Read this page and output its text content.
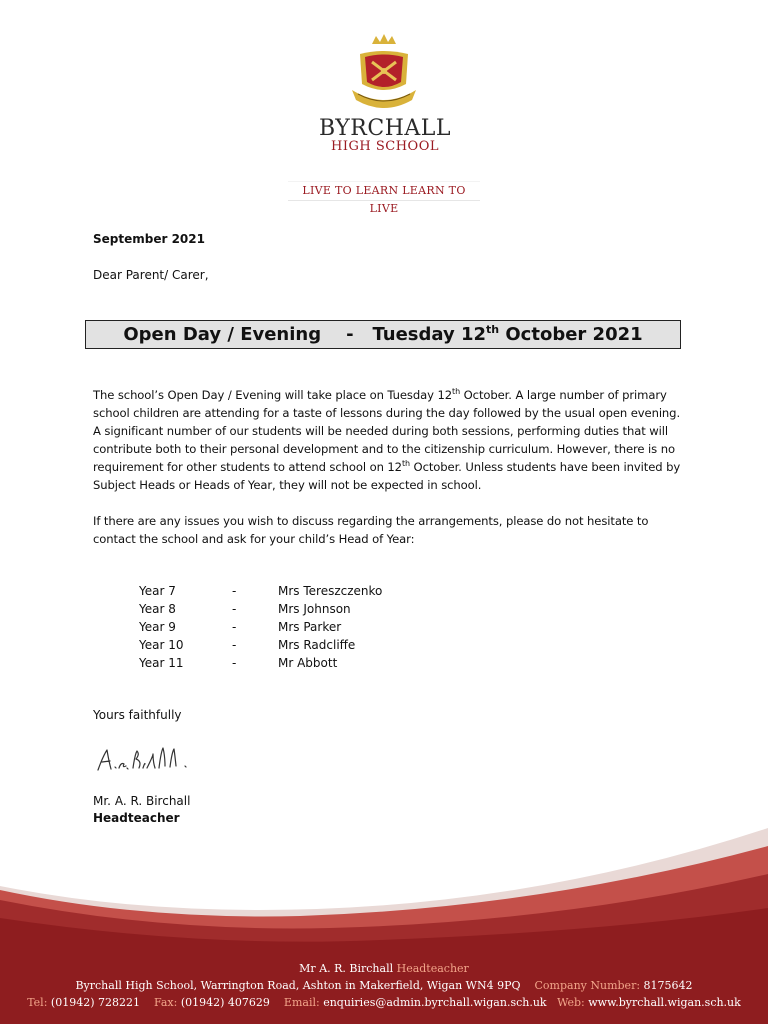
BYRCHALL
HIGH SCHOOL
LIVE TO LEARN LEARN TO LIVE
September 2021
Dear Parent/ Carer,
Open Day / Evening    -   Tuesday 12th October 2021

The school’s Open Day / Evening will take place on Tuesday 12th October. A large number of primary school children are attending for a taste of lessons during the day followed by the usual open evening. A significant number of our students will be needed during both sessions, performing duties that will contribute both to their personal development and to the citizenship curriculum. However, there is no requirement for other students to attend school on 12th October. Unless students have been invited by Subject Heads or Heads of Year, they will not be expected in school.

If there are any issues you wish to discuss regarding the arrangements, please do not hesitate to contact the school and ask for your child’s Head of Year:

Year 7	-	Mrs Tereszczenko
Year 8	-	Mrs Johnson
Year 9	-	Mrs Parker
Year 10	-	Mrs Radcliffe
Year 11	-	Mr Abbott
Yours faithfully
Mr. A. R. Birchall
Headteacher
Mr A. R. Birchall Headteacher
Byrchall High School, Warrington Road, Ashton in Makerfield, Wigan WN4 9PQ Company Number: 8175642
Tel: (01942) 728221 Fax: (01942) 407629 Email: enquiries@admin.byrchall.wigan.sch.uk Web: www.byrchall.wigan.sch.uk
